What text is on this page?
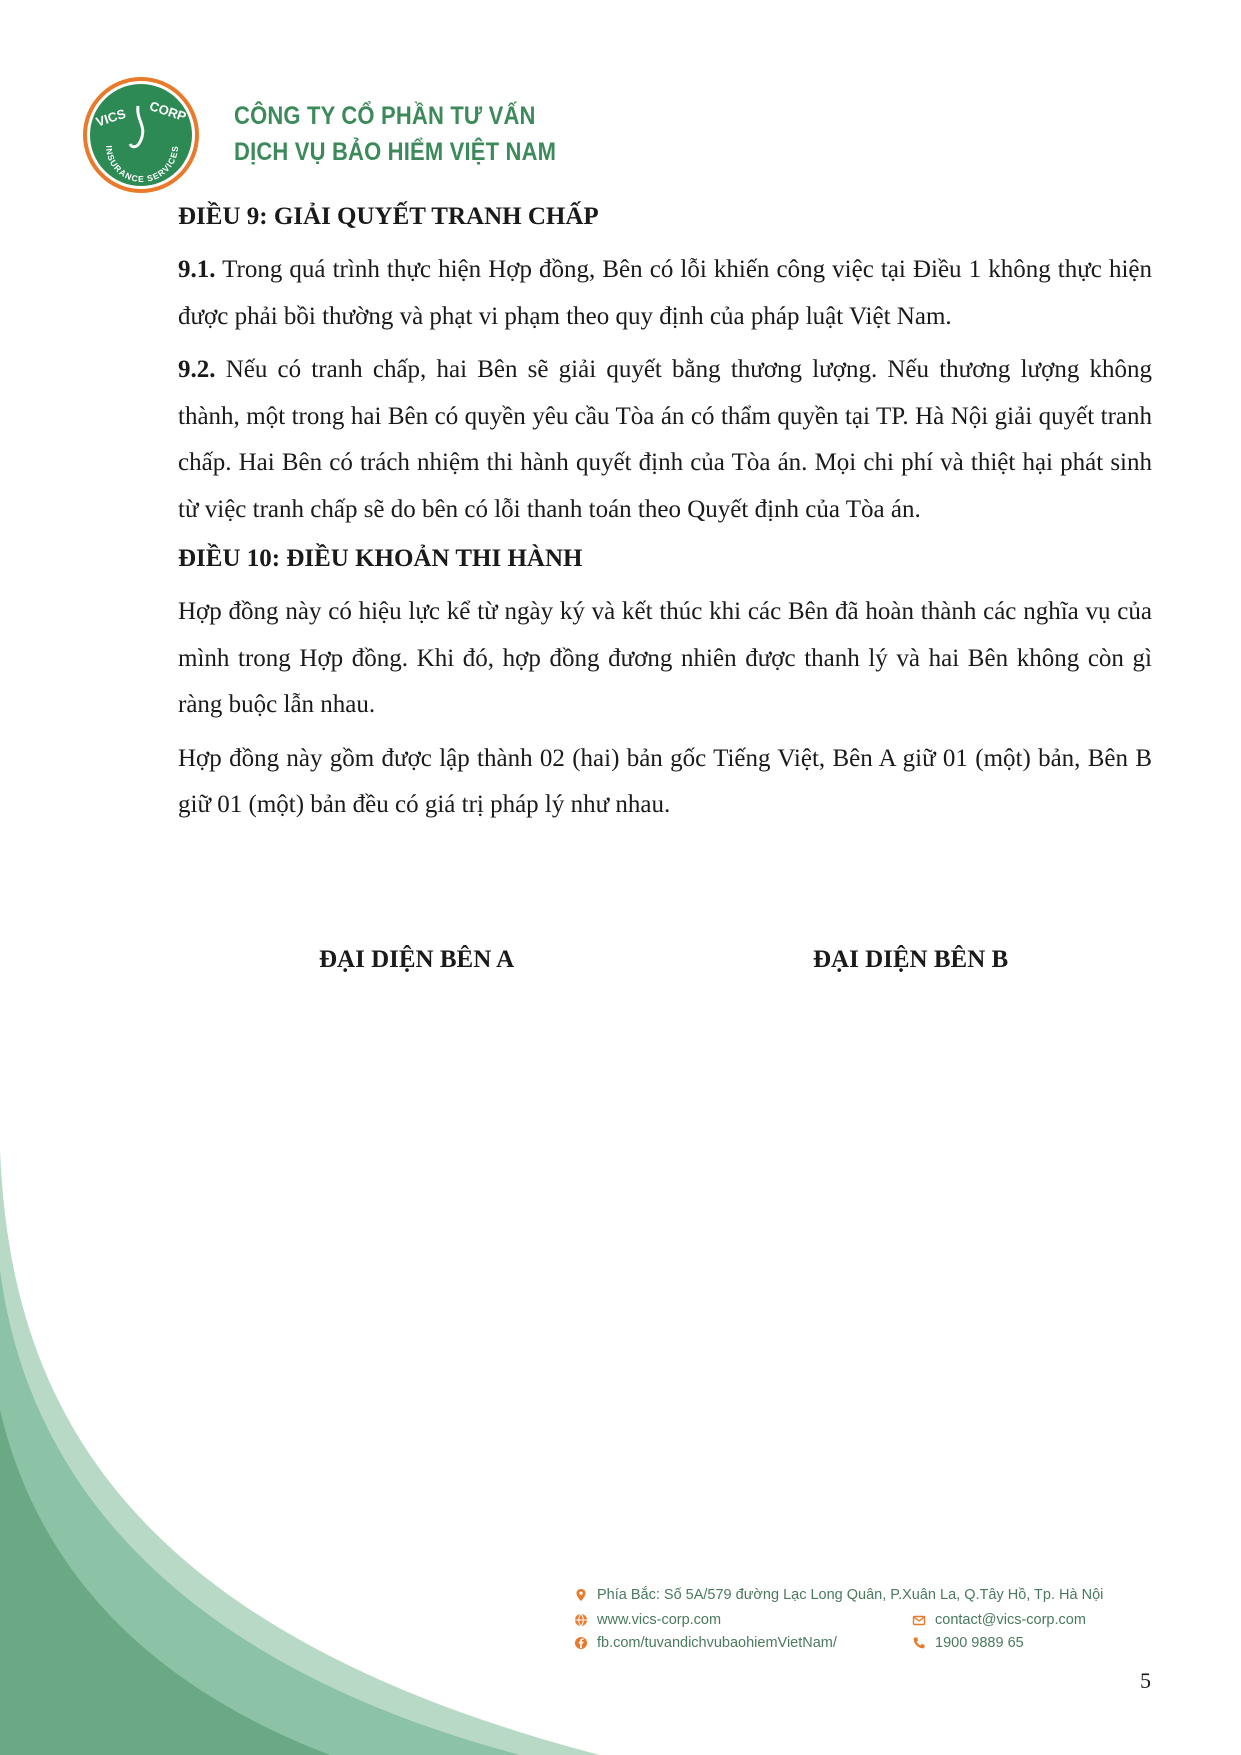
VICS CORP
INSURANCE SERVICES
CÔNG TY CỔ PHẦN TƯ VẤN
DỊCH VỤ BẢO HIỂM VIỆT NAM
ĐIỀU 9: GIẢI QUYẾT TRANH CHẤP

9.1. Trong quá trình thực hiện Hợp đồng, Bên có lỗi khiến công việc tại Điều 1 không thực hiện được phải bồi thường và phạt vi phạm theo quy định của pháp luật Việt Nam.

9.2. Nếu có tranh chấp, hai Bên sẽ giải quyết bằng thương lượng. Nếu thương lượng không thành, một trong hai Bên có quyền yêu cầu Tòa án có thẩm quyền tại TP. Hà Nội giải quyết tranh chấp. Hai Bên có trách nhiệm thi hành quyết định của Tòa án. Mọi chi phí và thiệt hại phát sinh từ việc tranh chấp sẽ do bên có lỗi thanh toán theo Quyết định của Tòa án.

ĐIỀU 10: ĐIỀU KHOẢN THI HÀNH

Hợp đồng này có hiệu lực kể từ ngày ký và kết thúc khi các Bên đã hoàn thành các nghĩa vụ của mình trong Hợp đồng. Khi đó, hợp đồng đương nhiên được thanh lý và hai Bên không còn gì ràng buộc lẫn nhau.

Hợp đồng này gồm được lập thành 02 (hai) bản gốc Tiếng Việt, Bên A giữ 01 (một) bản, Bên B giữ 01 (một) bản đều có giá trị pháp lý như nhau.

ĐẠI DIỆN BÊN A	ĐẠI DIỆN BÊN B
Phía Bắc: Số 5A/579 đường Lạc Long Quân, P.Xuân La, Q.Tây Hồ, Tp. Hà Nội
www.vics-corp.com
fb.com/tuvandichvubaohiemVietNam/
contact@vics-corp.com
1900 9889 65
5
